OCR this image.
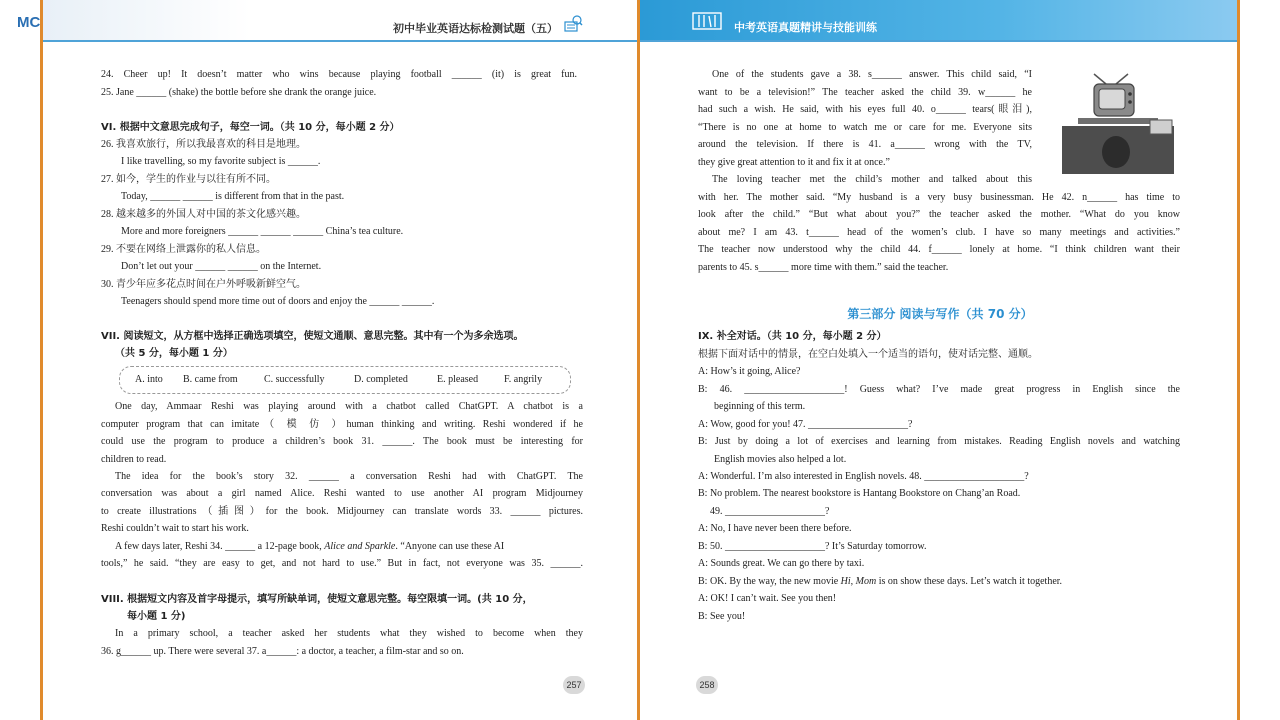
MC	初中毕业英语达标检测试题（五）
24. Cheer up! It doesn’t matter who wins because playing football ______ (it) is great fun.
25. Jane ______ (shake) the bottle before she drank the orange juice.
VI. 根据中文意思完成句子，每空一词。（共 10 分，每小题 2 分）
26. 我喜欢旅行，所以我最喜欢的科目是地理。
I like travelling, so my favorite subject is ______.
27. 如今，学生的作业与以往有所不同。
Today, ______ ______ is different from that in the past.
28. 越来越多的外国人对中国的茶文化感兴趣。
More and more foreigners ______ ______ ______ China’s tea culture.
29. 不要在网络上泄露你的私人信息。
Don’t let out your ______ ______ on the Internet.
30. 青少年应多花点时间在户外呼吸新鲜空气。
Teenagers should spend more time out of doors and enjoy the ______ ______.
VII. 阅读短文，从方框中选择正确选项填空，使短文通顺、意思完整。其中有一个为多余选项。
（共 5 分，每小题 1 分）
A. into B. came from	C. successfully	D. completed	E. pleased	F. angrily
One day, Ammaar Reshi was playing around with a chatbot called ChatGPT. A chatbot is a
computer program that can imitate（ 模 仿 ）human thinking and writing. Reshi wondered if he
could use the program to produce a children’s book 31. ______. The book must be interesting for
children to read.
The idea for the book’s story 32. ______ a conversation Reshi had with ChatGPT. The
conversation was about a girl named Alice. Reshi wanted to use another AI program Midjourney
to create illustrations（插图）for the book. Midjourney can translate words 33. ______ pictures.
Reshi couldn’t wait to start his work.
A few days later, Reshi 34. ______ a 12-page book, Alice and Sparkle. “Anyone can use these AI
tools,” he said. “they are easy to get, and not hard to use.” But in fact, not everyone was 35. ______.
VIII. 根据短文内容及首字母提示，填写所缺单词，使短文意思完整。每空限填一词。(共 10 分，
每小题 1 分)
In a primary school, a teacher asked her students what they wished to become when they
36. g______ up. There were several 37. a______: a doctor, a teacher, a film-star and so on.
257
中考英语真题精讲与技能训练
One of the students gave a 38. s______ answer. This child said, “I
want to be a television!” The teacher asked the child 39. w______ he
had such a wish. He said, with his eyes full 40. o______ tears(眼泪),
“There is no one at home to watch me or care for me. Everyone sits
around the television. If there is 41. a______ wrong with the TV,
they give great attention to it and fix it at once.”
The loving teacher met the child’s mother and talked about this
with her. The mother said. “My husband is a very busy businessman. He 42. n______ has time to
look after the child.” “But what about you?” the teacher asked the mother. “What do you know
about me? I am 43. t______ head of the women’s club. I have so many meetings and activities.”
The teacher now understood why the child 44. f______ lonely at home. “I think children want their
parents to 45. s______ more time with them.” said the teacher.
第三部分 阅读与写作（共 70 分）
IX. 补全对话。（共 10 分，每小题 2 分）
根据下面对话中的情景，在空白处填入一个适当的语句，使对话完整、通顺。
A: How’s it going, Alice?
B: 46. ____________________! Guess what? I’ve made great progress in English since the
beginning of this term.
A: Wow, good for you! 47. ____________________?
B: Just by doing a lot of exercises and learning from mistakes. Reading English novels and watching
English movies also helped a lot.
A: Wonderful. I’m also interested in English novels. 48. ____________________?
B: No problem. The nearest bookstore is Hantang Bookstore on Chang’an Road.
49. ____________________?
A: No, I have never been there before.
B: 50. ____________________? It’s Saturday tomorrow.
A: Sounds great. We can go there by taxi.
B: OK. By the way, the new movie Hi, Mom is on show these days. Let’s watch it together.
A: OK! I can’t wait. See you then!
B: See you!
258
